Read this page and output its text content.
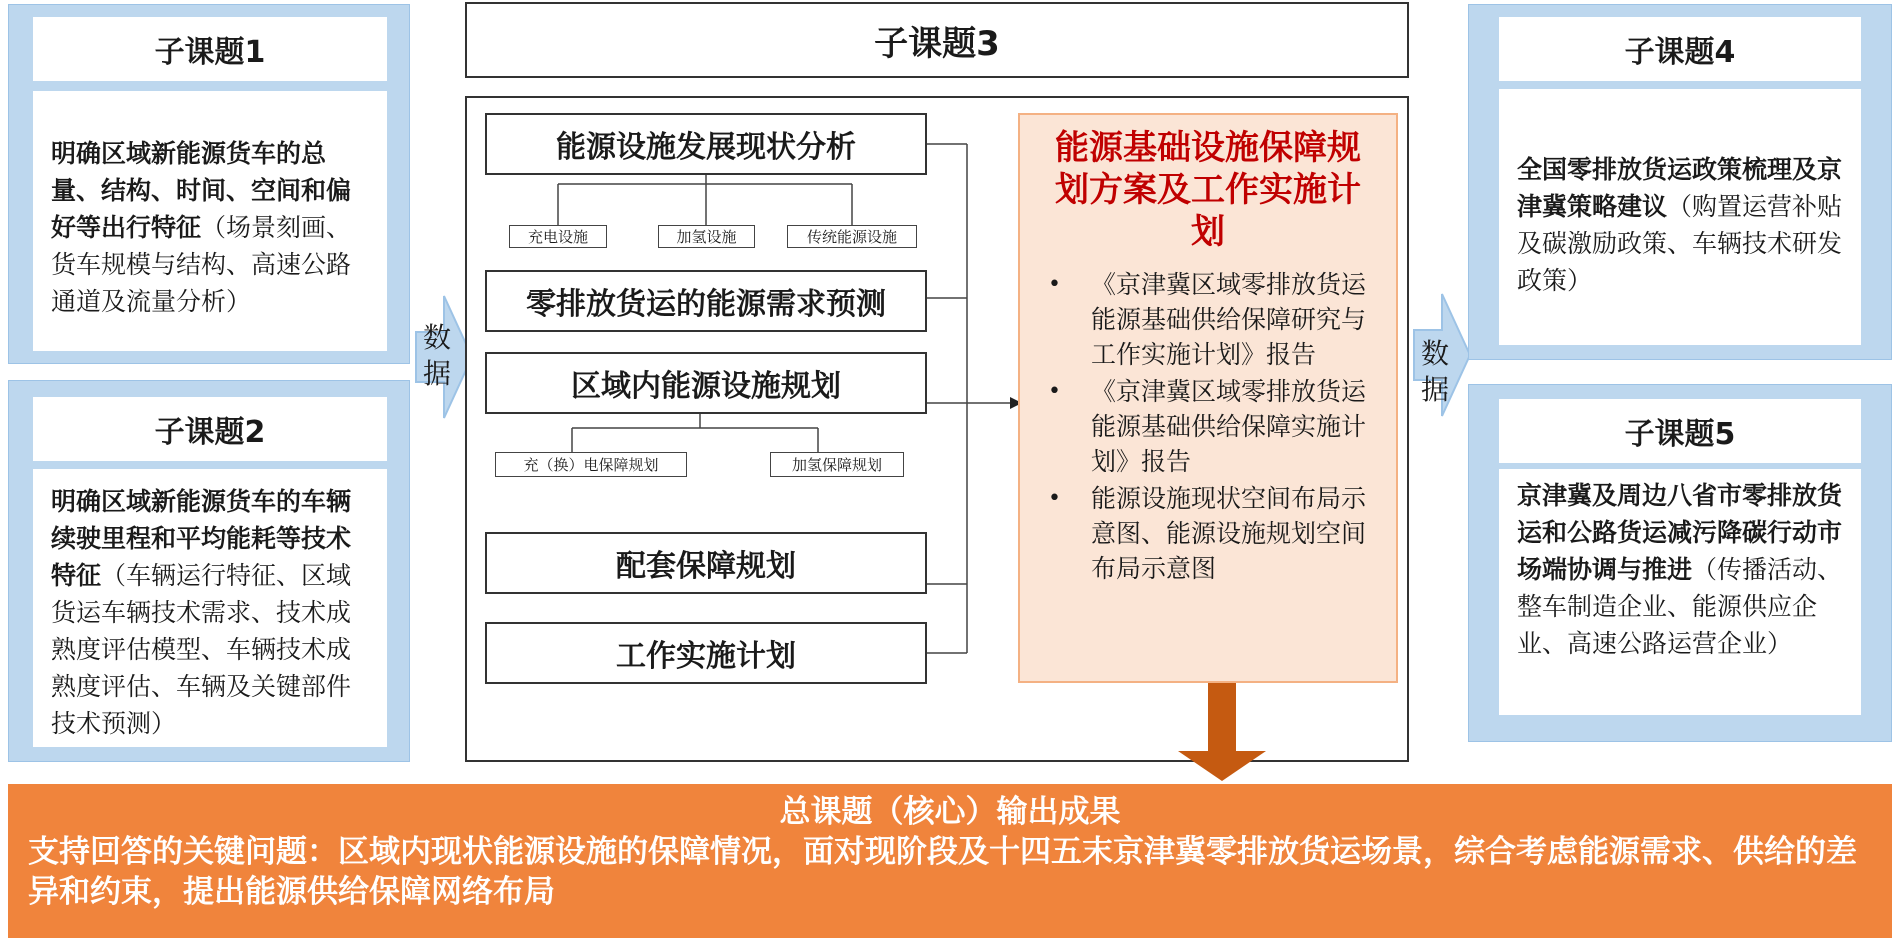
子课题1
明确区域新能源货车的总量、结构、时间、空间和偏好等出行特征（场景刻画、货车规模与结构、高速公路通道及流量分析）
子课题2
明确区域新能源货车的车辆续驶里程和平均能耗等技术特征（车辆运行特征、区域货运车辆技术需求、技术成熟度评估模型、车辆技术成熟度评估、车辆及关键部件技术预测）
数据
子课题3
能源设施发展现状分析
零排放货运的能源需求预测
区域内能源设施规划
配套保障规划
工作实施计划
充电设施	加氢设施	传统能源设施
充（换）电保障规划	加氢保障规划
能源基础设施保障规划方案及工作实施计划
• 《京津冀区域零排放货运能源基础供给保障研究与工作实施计划》报告
• 《京津冀区域零排放货运能源基础供给保障实施计划》报告
• 能源设施现状空间布局示意图、能源设施规划空间布局示意图
数据
子课题4
全国零排放货运政策梳理及京津冀策略建议（购置运营补贴及碳激励政策、车辆技术研发政策）
子课题5
京津冀及周边八省市零排放货运和公路货运减污降碳行动市场端协调与推进（传播活动、整车制造企业、能源供应企业、高速公路运营企业）
总课题（核心）输出成果
支持回答的关键问题：区域内现状能源设施的保障情况，面对现阶段及十四五末京津冀零排放货运场景，综合考虑能源需求、供给的差异和约束，提出能源供给保障网络布局
